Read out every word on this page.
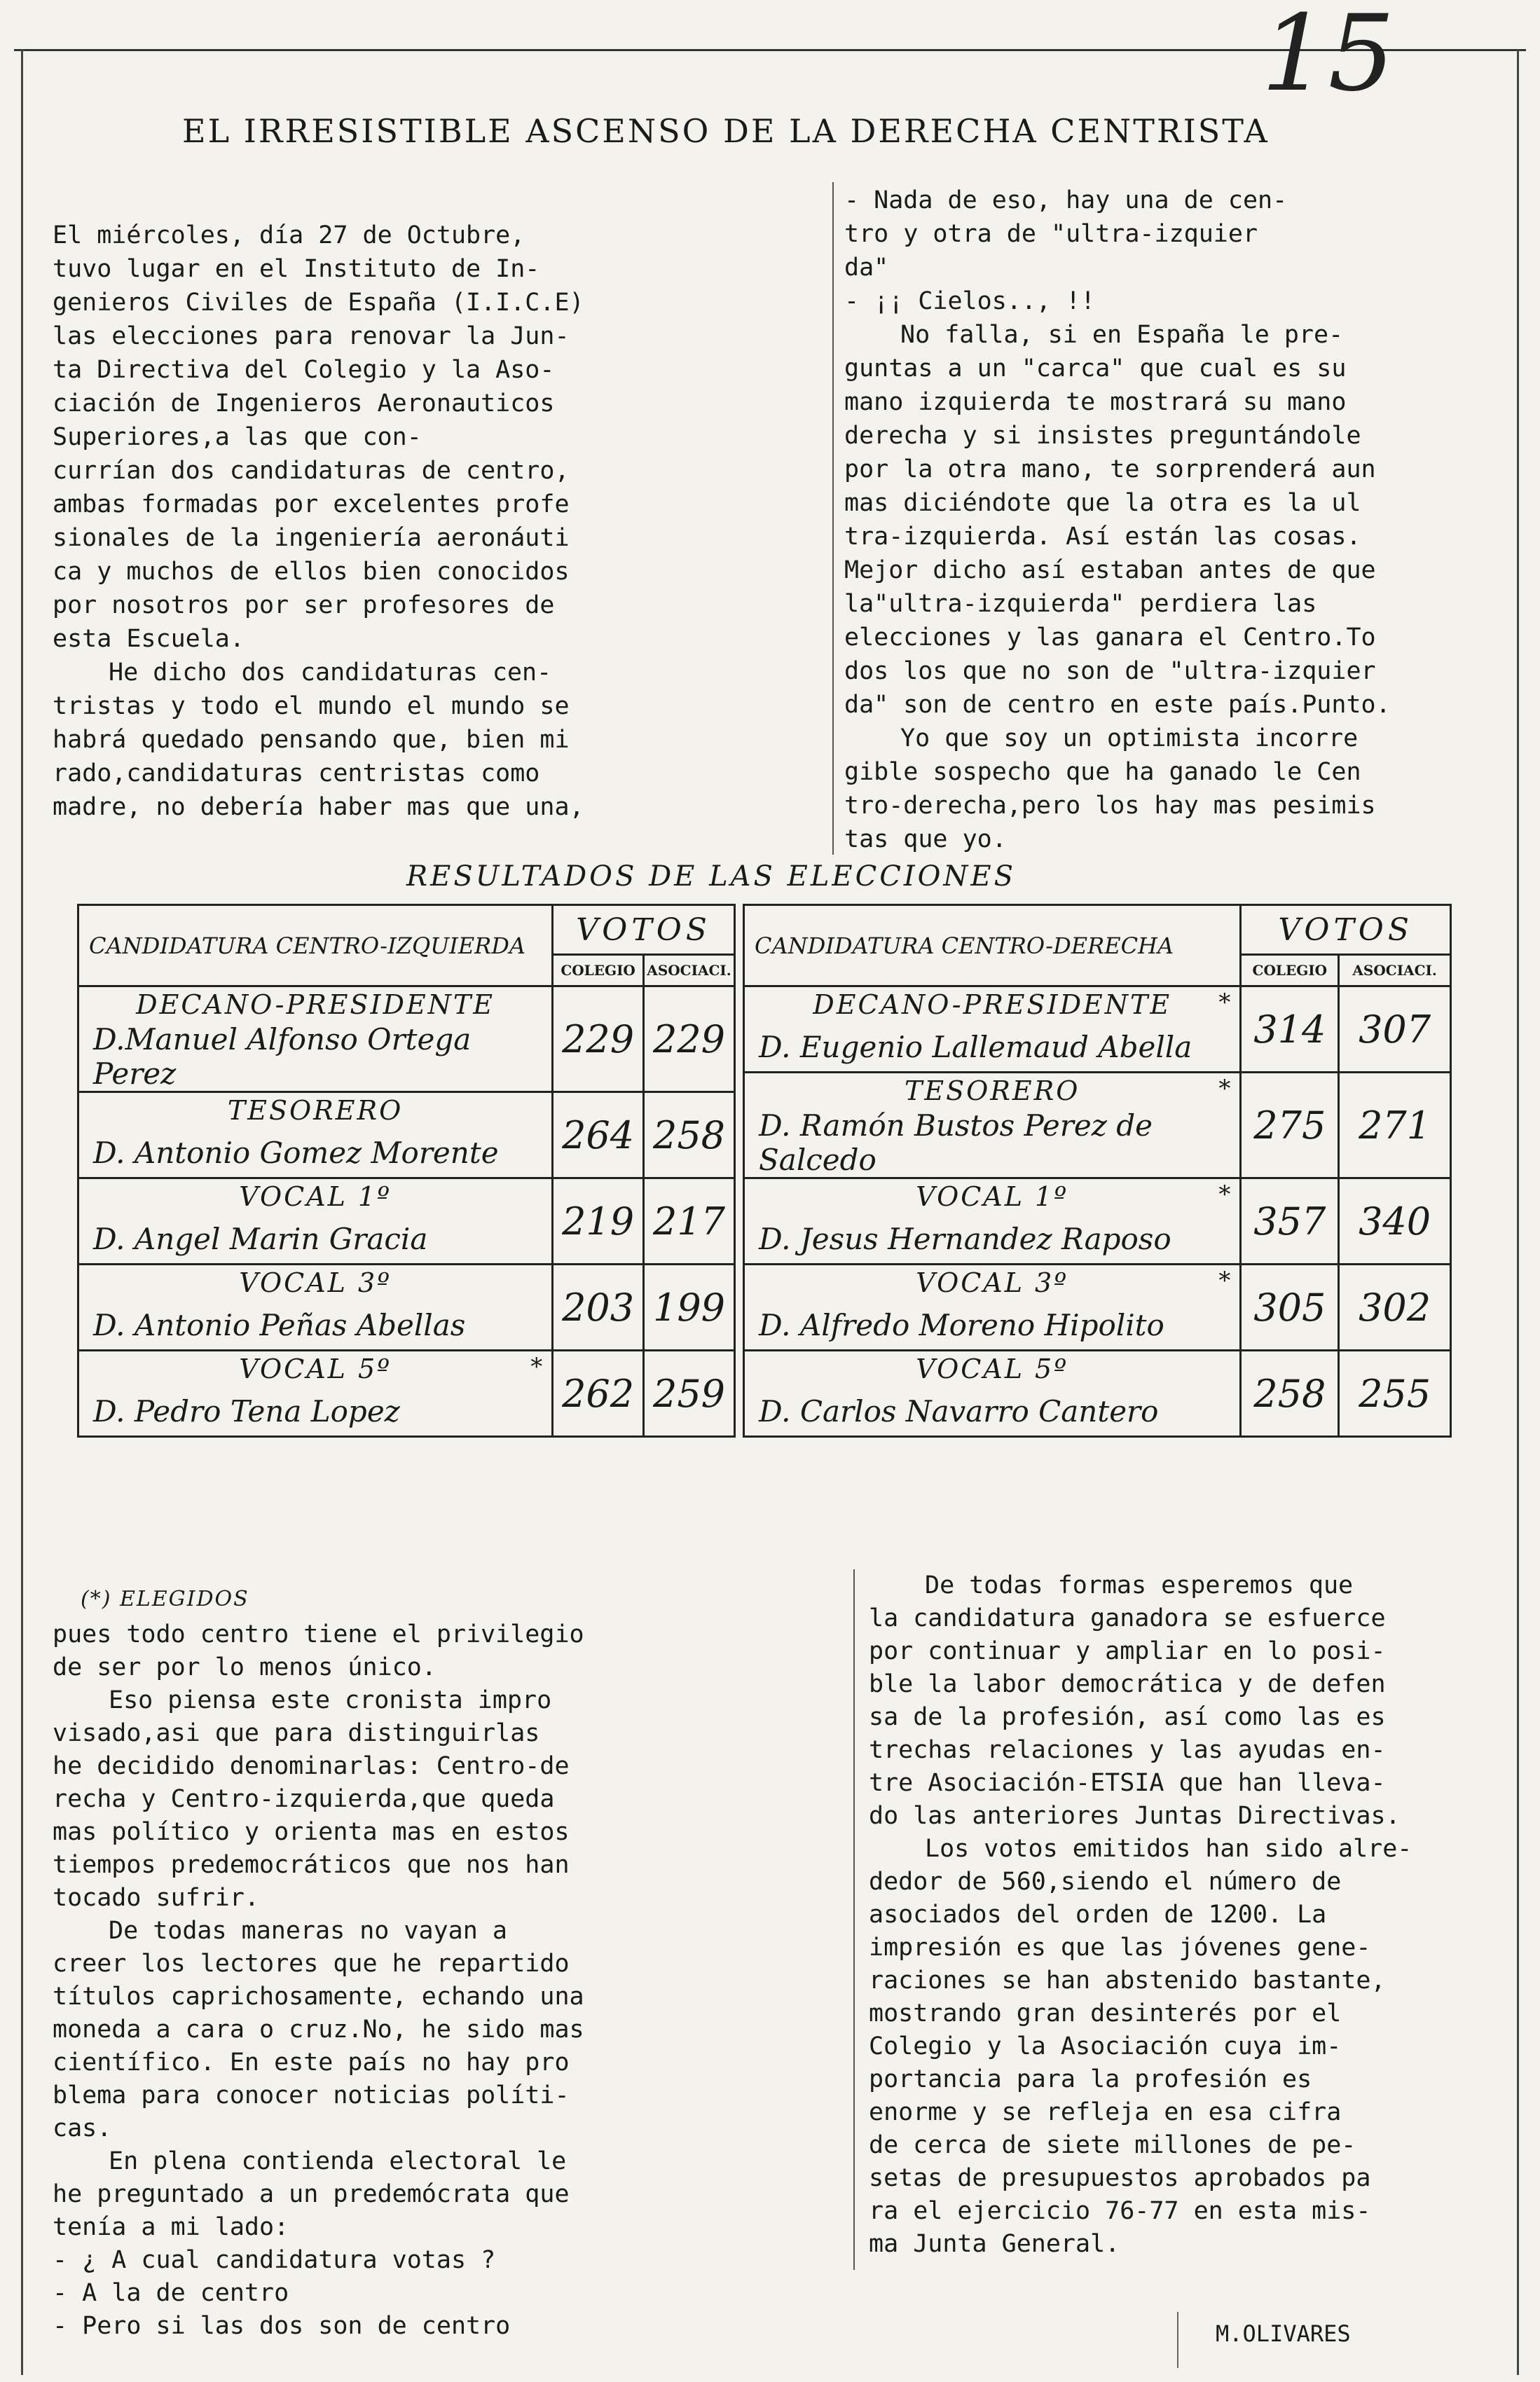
15
EL IRRESISTIBLE ASCENSO DE LA DERECHA CENTRISTA

El miércoles, día 27 de Octubre,

tuvo lugar en el Instituto de In-

genieros Civiles de España (I.I.C.E)

las elecciones para renovar la Jun-

ta Directiva del Colegio y la Aso-

ciación de Ingenieros Aeronauticos

Superiores,a las que con-

currían dos candidaturas de centro,

ambas formadas por excelentes profe

sionales de la ingeniería aeronáuti

ca y muchos de ellos bien conocidos

por nosotros por ser profesores de

esta Escuela.

He dicho dos candidaturas cen-

tristas y todo el mundo el mundo se

habrá quedado pensando que, bien mi

rado,candidaturas centristas como

madre, no debería haber mas que una,

- Nada de eso, hay una de cen-

tro y otra de "ultra-izquier

da"

- ¡¡ Cielos.., !!

No falla, si en España le pre-

guntas a un "carca" que cual es su

mano izquierda te mostrará su mano

derecha y si insistes preguntándole

por la otra mano, te sorprenderá aun

mas diciéndote que la otra es la ul

tra-izquierda. Así están las cosas.

Mejor dicho así estaban antes de que

la"ultra-izquierda" perdiera las

elecciones y las ganara el Centro.To

dos los que no son de "ultra-izquier

da" son de centro en este país.Punto.

Yo que soy un optimista incorre

gible sospecho que ha ganado le Cen

tro-derecha,pero los hay mas pesimis

tas que yo.

RESULTADOS DE LAS ELECCIONES
CANDIDATURA CENTRO-IZQUIERDA	VOTOS	
	COLEGIO	ASOCIACI.
DECANO-PRESIDENTE	229	229
D.Manuel Alfonso Ortega Perez		
TESORERO	264	258
D. Antonio Gomez Morente		
VOCAL 1º	219	217
D. Angel Marin Gracia		
VOCAL 3º	203	199
D. Antonio Peñas Abellas		
VOCAL 5º *	262	259
D. Pedro Tena Lopez		
CANDIDATURA CENTRO-DERECHA	VOTOS	
	COLEGIO	ASOCIACI.
DECANO-PRESIDENTE *	314	307
D. Eugenio Lallemaud Abella		
TESORERO *	275	271
D. Ramón Bustos Perez de Salcedo		
VOCAL 1º *	357	340
D. Jesus Hernandez Raposo		
VOCAL 3º *	305	302
D. Alfredo Moreno Hipolito		
VOCAL 5º	258	255
D. Carlos Navarro Cantero		
(*) ELEGIDOS

pues todo centro tiene el privilegio

de ser por lo menos único.

Eso piensa este cronista impro

visado,asi que para distinguirlas

he decidido denominarlas: Centro-de

recha y Centro-izquierda,que queda

mas político y orienta mas en estos

tiempos predemocráticos que nos han

tocado sufrir.

De todas maneras no vayan a

creer los lectores que he repartido

títulos caprichosamente, echando una

moneda a cara o cruz.No, he sido mas

científico. En este país no hay pro

blema para conocer noticias políti-

cas.

En plena contienda electoral le

he preguntado a un predemócrata que

tenía a mi lado:

- ¿ A cual candidatura votas ?

- A la de centro

- Pero si las dos son de centro

De todas formas esperemos que

la candidatura ganadora se esfuerce

por continuar y ampliar en lo posi-

ble la labor democrática y de defen

sa de la profesión, así como las es

trechas relaciones y las ayudas en-

tre Asociación-ETSIA que han lleva-

do las anteriores Juntas Directivas.

Los votos emitidos han sido alre-

dedor de 560,siendo el número de

asociados del orden de 1200. La

impresión es que las jóvenes gene-

raciones se han abstenido bastante,

mostrando gran desinterés por el

Colegio y la Asociación cuya im-

portancia para la profesión es

enorme y se refleja en esa cifra

de cerca de siete millones de pe-

setas de presupuestos aprobados pa

ra el ejercicio 76-77 en esta mis-

ma Junta General.

M.OLIVARES
